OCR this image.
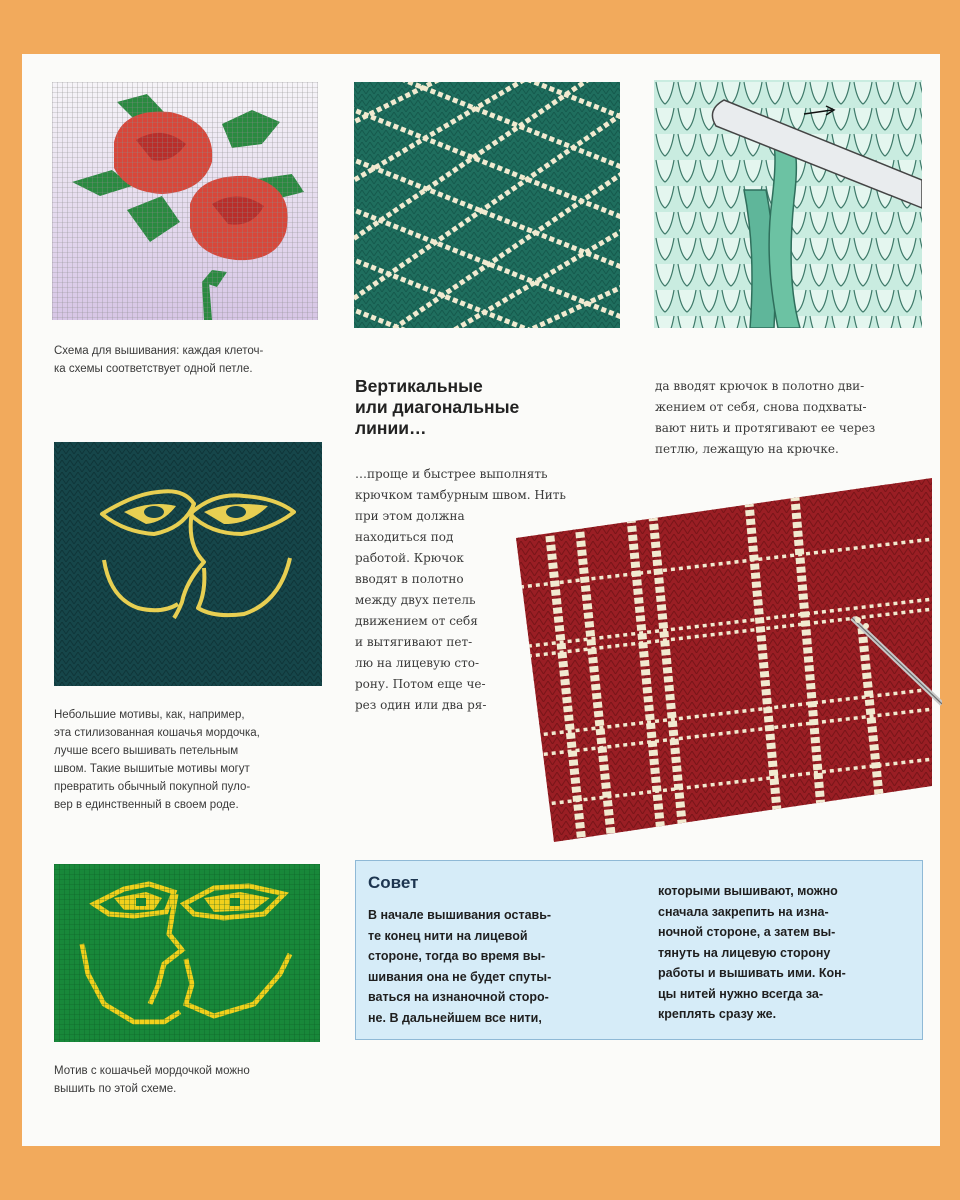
Схема для вышивания: каждая клеточ-
ка схемы соответствует одной петле.
Вертикальные
или диагональные
линии…
…проще и быстрее выполнять
крючком тамбурным швом. Нить
при этом должна
находиться под
работой. Крючок
вводят в полотно
между двух петель
движением от себя
и вытягивают пет-
лю на лицевую сто-
рону. Потом еще че-
рез один или два ря-
да вводят крючок в полотно дви-
жением от себя, снова подхваты-
вают нить и протягивают ее через
петлю, лежащую на крючке.
Небольшие мотивы, как, например,
эта стилизованная кошачья мордочка,
лучше всего вышивать петельным
швом. Такие вышитые мотивы могут
превратить обычный покупной пуло-
вер в единственный в своем роде.
Мотив с кошачьей мордочкой можно
вышить по этой схеме.
Совет
В начале вышивания оставь-
те конец нити на лицевой
стороне, тогда во время вы-
шивания она не будет спуты-
ваться на изнаночной сторо-
не. В дальнейшем все нити,
которыми вышивают, можно
сначала закрепить на изна-
ночной стороне, а затем вы-
тянуть на лицевую сторону
работы и вышивать ими. Кон-
цы нитей нужно всегда за-
креплять сразу же.
